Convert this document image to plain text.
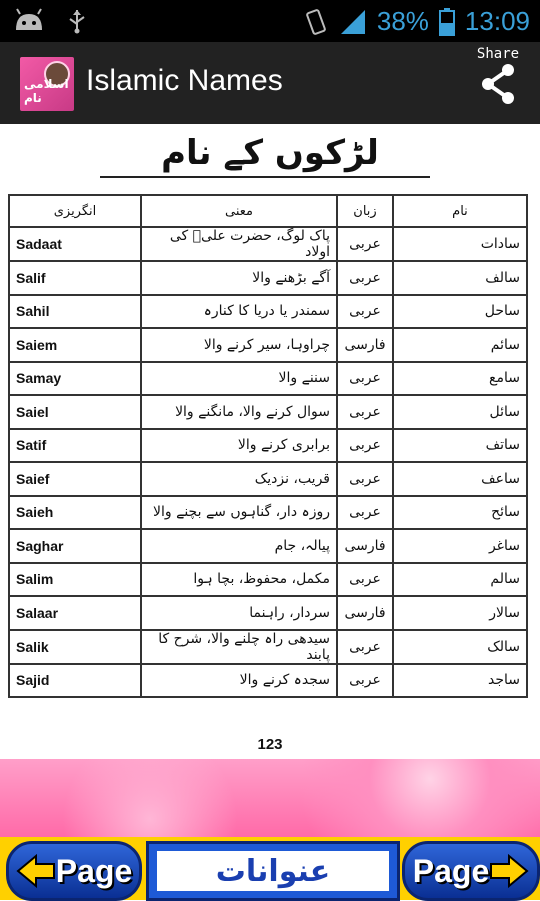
38% 13:09
اسلامی نام
Islamic Names
Share
لڑکوں کے نام
انگریزی	معنی	زبان	نام
Sadaat	پاک لوگ، حضرت علیؓ کی اولاد	عربی	سادات
Salif	آگے بڑھنے والا	عربی	سالف
Sahil	سمندر یا دریا کا کنارہ	عربی	ساحل
Saiem	چراوہا، سیر کرنے والا	فارسی	سائم
Samay	سننے والا	عربی	سامع
Saiel	سوال کرنے والا، مانگنے والا	عربی	سائل
Satif	برابری کرنے والا	عربی	ساتف
Saief	قریب، نزدیک	عربی	ساعف
Saieh	روزہ دار، گناہوں سے بچنے والا	عربی	سائح
Saghar	پیالہ، جام	فارسی	ساغر
Salim	مکمل، محفوظ، بچا ہوا	عربی	سالم
Salaar	سردار، راہنما	فارسی	سالار
Salik	سیدھی راہ چلنے والا، شرح کا پابند	عربی	سالک
Sajid	سجدہ کرنے والا	عربی	ساجد
123
Page	عنوانات	Page
